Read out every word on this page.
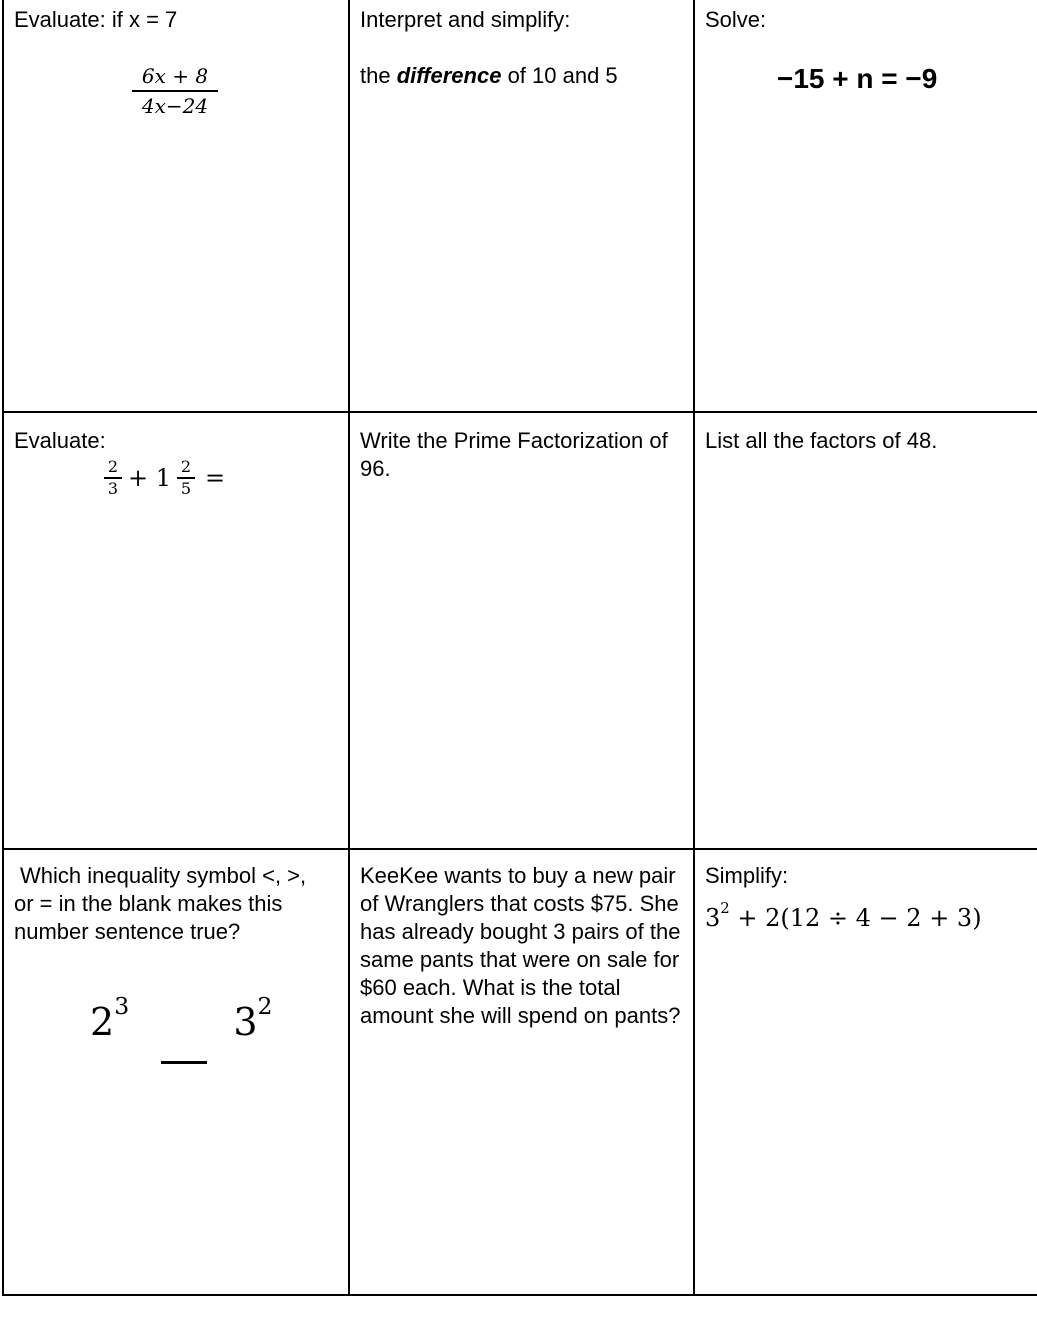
Evaluate: if x = 7
$\frac{6x + 8}{4x-24}$
Interpret and simplify:
the difference of 10 and 5
Solve:
−15 + n = −9
Evaluate:
$\frac{2}{3} + 1 \frac{2}{5}$ =
Write the Prime Factorization of 96.
List all the factors of 48.
Which inequality symbol <, >, or = in the blank makes this number sentence true?
$2^3$	$3^2$
KeeKee wants to buy a new pair of Wranglers that costs $75. She has already bought 3 pairs of the same pants that were on sale for $60 each. What is the total amount she will spend on pants?
Simplify:
$3^2 + 2(12 \div 4 - 2 + 3)$
